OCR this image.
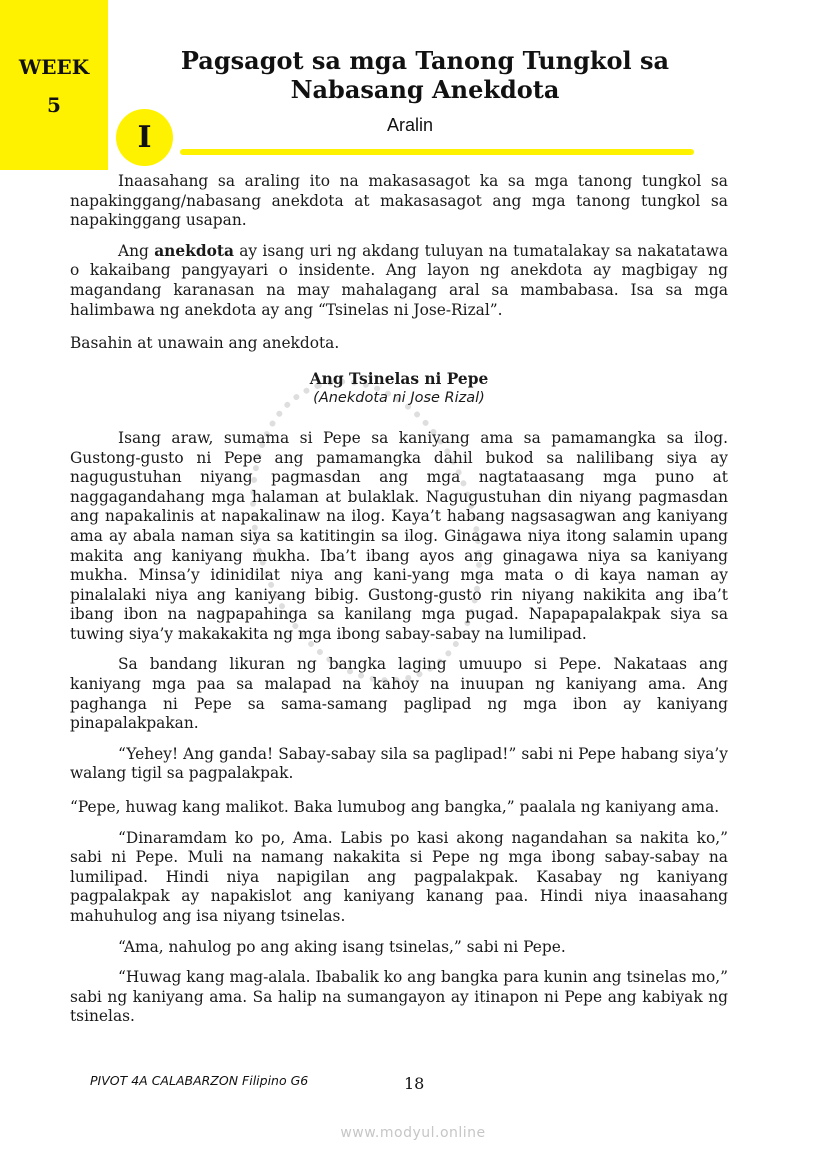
WEEK
5
Pagsagot sa mga Tanong Tungkol sa
Nabasang Anekdota
I	Aralin

Inaasahang sa araling ito na makasasagot ka sa mga tanong tungkol sa napakinggang/nabasang anekdota at makasasagot ang mga tanong tungkol sa napakinggang usapan.

Ang anekdota ay isang uri ng akdang tuluyan na tumatalakay sa nakatatawa o kakaibang pangyayari o insidente. Ang layon ng anekdota ay magbigay ng magandang karanasan na may mahalagang aral sa mambabasa. Isa sa mga halimbawa ng anekdota ay ang “Tsinelas ni Jose-Rizal”.

Basahin at unawain ang anekdota.

Ang Tsinelas ni Pepe

(Anekdota ni Jose Rizal)

Isang araw, sumama si Pepe sa kaniyang ama sa pamamangka sa ilog. Gustong-gusto ni Pepe ang pamamangka dahil bukod sa nalilibang siya ay nagugustuhan niyang pagmasdan ang mga nagtataasang mga puno at naggagandahang mga halaman at bulaklak. Nagugustuhan din niyang pagmasdan ang napakalinis at napakalinaw na ilog. Kaya’t habang nagsasagwan ang kaniyang ama ay abala naman siya sa katitingin sa ilog. Ginagawa niya itong salamin upang makita ang kaniyang mukha. Iba’t ibang ayos ang ginagawa niya sa kaniyang mukha. Minsa’y idinidilat niya ang kani-yang mga mata o di kaya naman ay pinalalaki niya ang kaniyang bibig. Gustong-gusto rin niyang nakikita ang iba’t ibang ibon na nagpapahinga sa kanilang mga pugad. Napapapalakpak siya sa tuwing siya’y makakakita ng mga ibong sabay-sabay na lumilipad.

Sa bandang likuran ng bangka laging umuupo si Pepe. Nakataas ang kaniyang mga paa sa malapad na kahoy na inuupan ng kaniyang ama. Ang paghanga ni Pepe sa sama-samang paglipad ng mga ibon ay kaniyang pinapalakpakan.

“Yehey! Ang ganda! Sabay-sabay sila sa paglipad!” sabi ni Pepe habang siya’y walang tigil sa pagpalakpak.

“Pepe, huwag kang malikot. Baka lumubog ang bangka,” paalala ng kaniyang ama.

“Dinaramdam ko po, Ama. Labis po kasi akong nagandahan sa nakita ko,” sabi ni Pepe. Muli na namang nakakita si Pepe ng mga ibong sabay-sabay na lumilipad. Hindi niya napigilan ang pagpalakpak. Kasabay ng kaniyang pagpalakpak ay napakislot ang kaniyang kanang paa. Hindi niya inaasahang mahuhulog ang isa niyang tsinelas.

“Ama, nahulog po ang aking isang tsinelas,” sabi ni Pepe.

“Huwag kang mag-alala. Ibabalik ko ang bangka para kunin ang tsinelas mo,” sabi ng kaniyang ama. Sa halip na sumangayon ay itinapon ni Pepe ang kabiyak ng tsinelas.

PIVOT 4A CALABARZON Filipino G6	18
www.modyul.online
